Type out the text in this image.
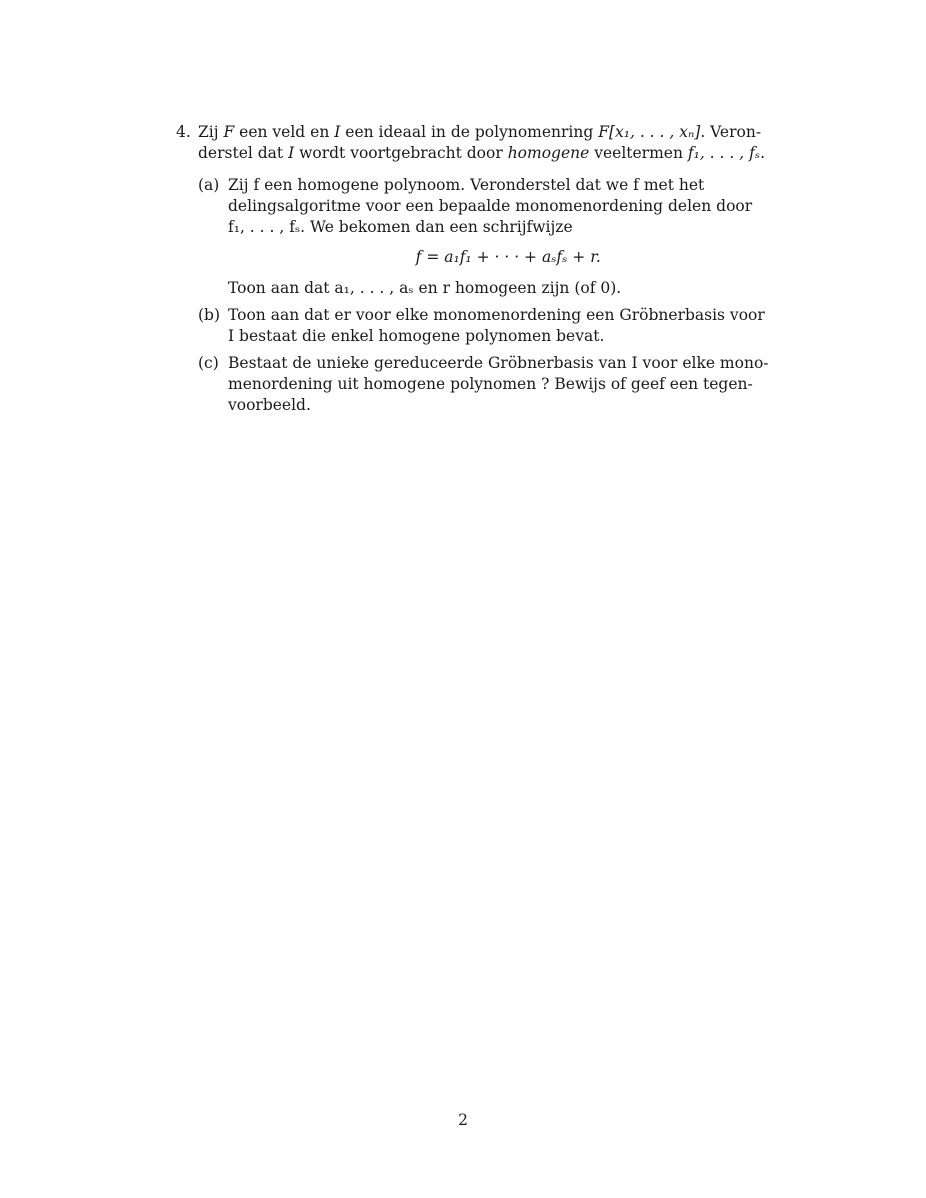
4. Zij F een veld en I een ideaal in de polynomenring F[x₁, . . . , xₙ]. Veron-
derstel dat I wordt voortgebracht door homogene veeltermen f₁, . . . , fₛ.
(a) Zij f een homogene polynoom. Veronderstel dat we f met het
delingsalgoritme voor een bepaalde monomenordening delen door
f₁, . . . , fₛ. We bekomen dan een schrijfwijze
f = a₁f₁ + · · · + aₛfₛ + r.
Toon aan dat a₁, . . . , aₛ en r homogeen zijn (of 0).
(b) Toon aan dat er voor elke monomenordening een Gröbnerbasis voor
I bestaat die enkel homogene polynomen bevat.
(c) Bestaat de unieke gereduceerde Gröbnerbasis van I voor elke mono-
menordening uit homogene polynomen ? Bewijs of geef een tegen-
voorbeeld.
2
